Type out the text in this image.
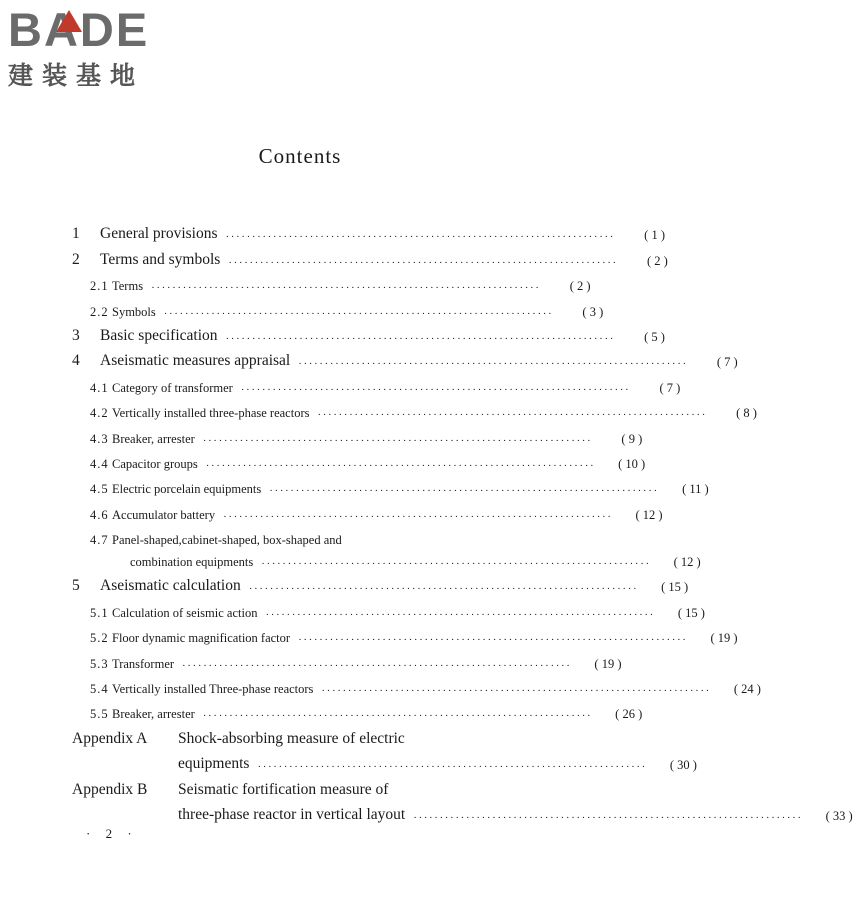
BADE
建装基地
Contents
1	General provisions ··········································································	( 1 )
2	Terms and symbols ··········································································	( 2 )
2.1 Terms ··········································································	( 2 )
2.2 Symbols ··········································································	( 3 )
3	Basic specification ··········································································	( 5 )
4	Aseismatic measures appraisal ··········································································	( 7 )
4.1 Category of transformer ··········································································	( 7 )
4.2 Vertically installed three-phase reactors ··········································································	( 8 )
4.3 Breaker, arrester ··········································································	( 9 )
4.4 Capacitor groups ··········································································	( 10 )
4.5 Electric porcelain equipments ··········································································	( 11 )
4.6 Accumulator battery ··········································································	( 12 )
4.7 Panel-shaped,cabinet-shaped, box-shaped and
combination equipments ··········································································	( 12 )
5	Aseismatic calculation ··········································································	( 15 )
5.1 Calculation of seismic action ··········································································	( 15 )
5.2 Floor dynamic magnification factor ··········································································	( 19 )
5.3 Transformer ··········································································	( 19 )
5.4 Vertically installed Three-phase reactors ··········································································	( 24 )
5.5 Breaker, arrester ··········································································	( 26 )
Appendix A	Shock-absorbing measure of electric
equipments ··········································································	( 30 )
Appendix B	Seismatic fortification measure of
three-phase reactor in vertical layout ··········································································	( 33 )
· 2 ·
